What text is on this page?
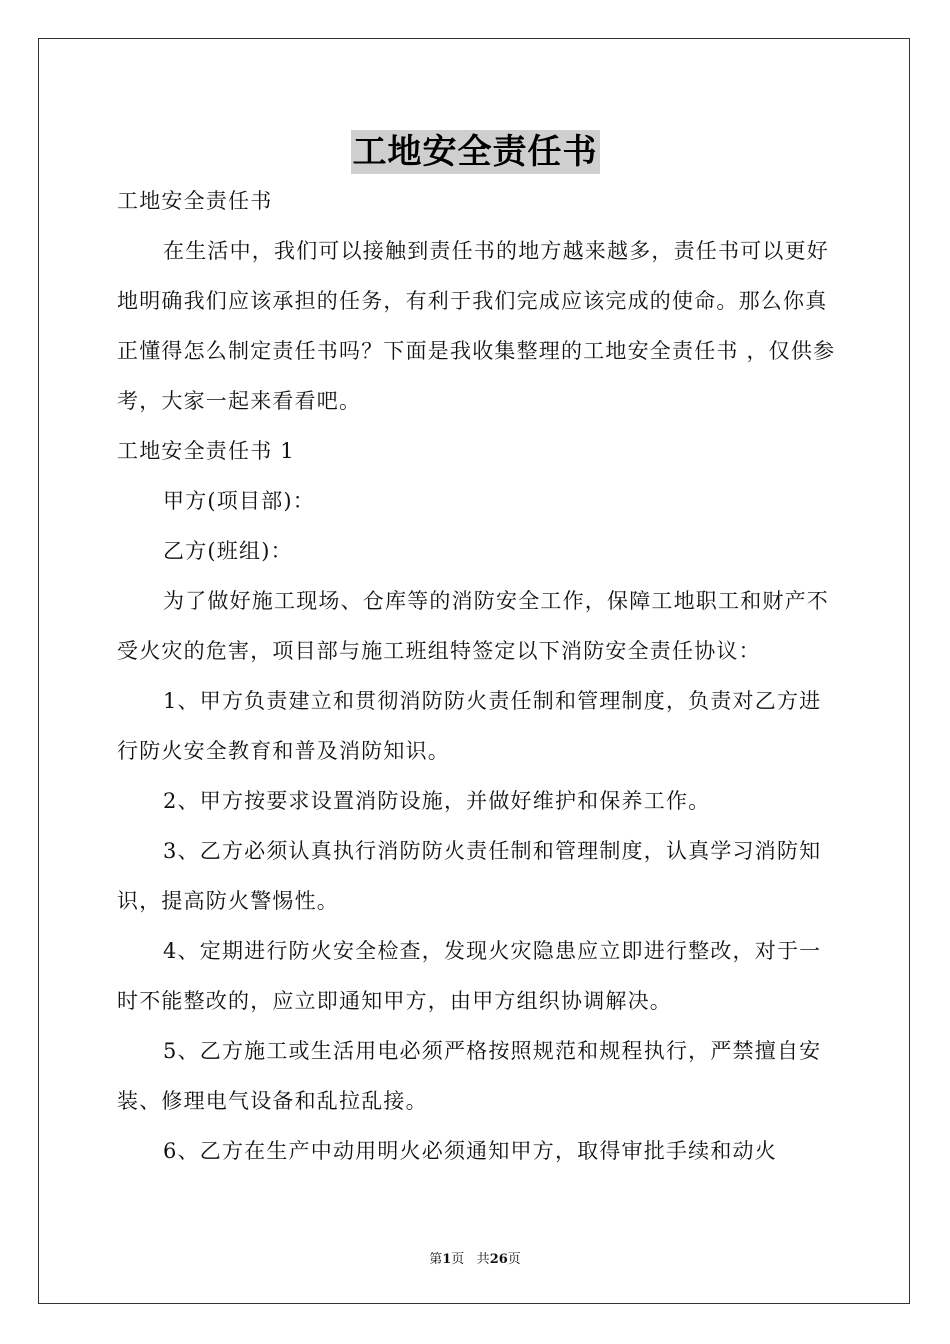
工地安全责任书

工地安全责任书

在生活中，我们可以接触到责任书的地方越来越多，责任书可以更好地明确我们应该承担的任务，有利于我们完成应该完成的使命。那么你真正懂得怎么制定责任书吗？下面是我收集整理的工地安全责任书 ，仅供参考，大家一起来看看吧。

工地安全责任书 1

甲方(项目部)：

乙方(班组)：

为了做好施工现场、仓库等的消防安全工作，保障工地职工和财产不受火灾的危害，项目部与施工班组特签定以下消防安全责任协议：

1、甲方负责建立和贯彻消防防火责任制和管理制度，负责对乙方进行防火安全教育和普及消防知识。

2、甲方按要求设置消防设施，并做好维护和保养工作。

3、乙方必须认真执行消防防火责任制和管理制度，认真学习消防知识，提高防火警惕性。

4、定期进行防火安全检查，发现火灾隐患应立即进行整改，对于一时不能整改的，应立即通知甲方，由甲方组织协调解决。

5、乙方施工或生活用电必须严格按照规范和规程执行，严禁擅自安装、修理电气设备和乱拉乱接。

6、乙方在生产中动用明火必须通知甲方，取得审批手续和动火

第1页 共26页
